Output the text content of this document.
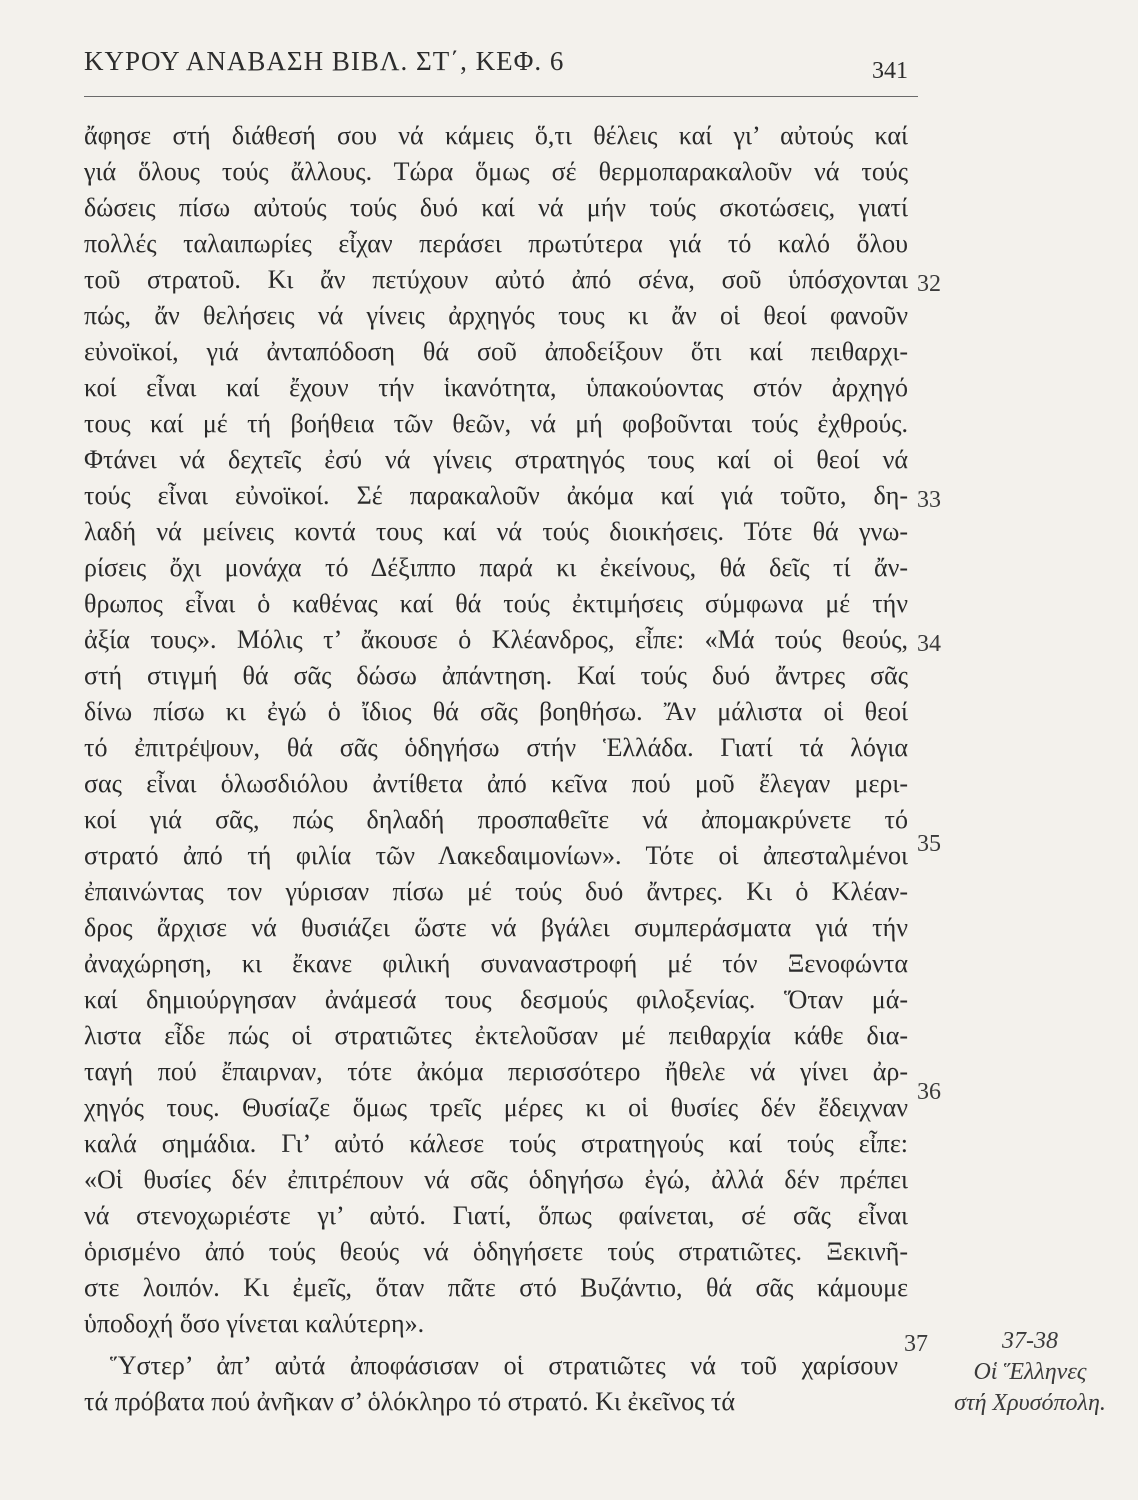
ΚΥΡΟΥ ΑΝΑΒΑΣΗ ΒΙΒΛ. ΣΤ΄, ΚΕΦ. 6	341
ἄφησε στή διάθεσή σου νά κάμεις ὅ,τι θέλεις καί γι’ αὐτούς καί
γιά ὅλους τούς ἄλλους. Τώρα ὅμως σέ θερμοπαρακαλοῦν νά τούς
δώσεις πίσω αὐτούς τούς δυό καί νά μήν τούς σκοτώσεις, γιατί
πολλές ταλαιπωρίες εἶχαν περάσει πρωτύτερα γιά τό καλό ὅλου
τοῦ στρατοῦ. Κι ἄν πετύχουν αὐτό ἀπό σένα, σοῦ ὑπόσχονται
πώς, ἄν θελήσεις νά γίνεις ἀρχηγός τους κι ἄν οἱ θεοί φανοῦν
εὐνοϊκοί, γιά ἀνταπόδοση θά σοῦ ἀποδείξουν ὅτι καί πειθαρχι-
κοί εἶναι καί ἔχουν τήν ἱκανότητα, ὑπακούοντας στόν ἀρχηγό
τους καί μέ τή βοήθεια τῶν θεῶν, νά μή φοβοῦνται τούς ἐχθρούς.
Φτάνει νά δεχτεῖς ἐσύ νά γίνεις στρατηγός τους καί οἱ θεοί νά
τούς εἶναι εὐνοϊκοί. Σέ παρακαλοῦν ἀκόμα καί γιά τοῦτο, δη-
λαδή νά μείνεις κοντά τους καί νά τούς διοικήσεις. Τότε θά γνω-
ρίσεις ὄχι μονάχα τό Δέξιππο παρά κι ἐκείνους, θά δεῖς τί ἄν-
θρωπος εἶναι ὁ καθένας καί θά τούς ἐκτιμήσεις σύμφωνα μέ τήν
ἀξία τους». Μόλις τ’ ἄκουσε ὁ Κλέανδρος, εἶπε: «Μά τούς θεούς,
στή στιγμή θά σᾶς δώσω ἀπάντηση. Καί τούς δυό ἄντρες σᾶς
δίνω πίσω κι ἐγώ ὁ ἴδιος θά σᾶς βοηθήσω. Ἄν μάλιστα οἱ θεοί
τό ἐπιτρέψουν, θά σᾶς ὁδηγήσω στήν Ἑλλάδα. Γιατί τά λόγια
σας εἶναι ὁλωσδιόλου ἀντίθετα ἀπό κεῖνα πού μοῦ ἔλεγαν μερι-
κοί γιά σᾶς, πώς δηλαδή προσπαθεῖτε νά ἀπομακρύνετε τό
στρατό ἀπό τή φιλία τῶν Λακεδαιμονίων». Τότε οἱ ἀπεσταλμένοι
ἐπαινώντας τον γύρισαν πίσω μέ τούς δυό ἄντρες. Κι ὁ Κλέαν-
δρος ἄρχισε νά θυσιάζει ὥστε νά βγάλει συμπεράσματα γιά τήν
ἀναχώρηση, κι ἔκανε φιλική συναναστροφή μέ τόν Ξενοφώντα
καί δημιούργησαν ἀνάμεσά τους δεσμούς φιλοξενίας. Ὅταν μά-
λιστα εἶδε πώς οἱ στρατιῶτες ἐκτελοῦσαν μέ πειθαρχία κάθε δια-
ταγή πού ἔπαιρναν, τότε ἀκόμα περισσότερο ἤθελε νά γίνει ἀρ-
χηγός τους. Θυσίαζε ὅμως τρεῖς μέρες κι οἱ θυσίες δέν ἔδειχναν
καλά σημάδια. Γι’ αὐτό κάλεσε τούς στρατηγούς καί τούς εἶπε:
«Οἱ θυσίες δέν ἐπιτρέπουν νά σᾶς ὁδηγήσω ἐγώ, ἀλλά δέν πρέπει
νά στενοχωριέστε γι’ αὐτό. Γιατί, ὅπως φαίνεται, σέ σᾶς εἶναι
ὁρισμένο ἀπό τούς θεούς νά ὁδηγήσετε τούς στρατιῶτες. Ξεκινῆ-
στε λοιπόν. Κι ἐμεῖς, ὅταν πᾶτε στό Βυζάντιο, θά σᾶς κάμουμε
ὑποδοχή ὅσο γίνεται καλύτερη».
Ὕστερ’ ἀπ’ αὐτά ἀποφάσισαν οἱ στρατιῶτες νά τοῦ χαρίσουν
τά πρόβατα πού ἀνῆκαν σ’ ὁλόκληρο τό στρατό. Κι ἐκεῖνος τά
32
33
34
35
36
37	37-38
Οἱ Ἕλληνες
στή Χρυσόπολη.
